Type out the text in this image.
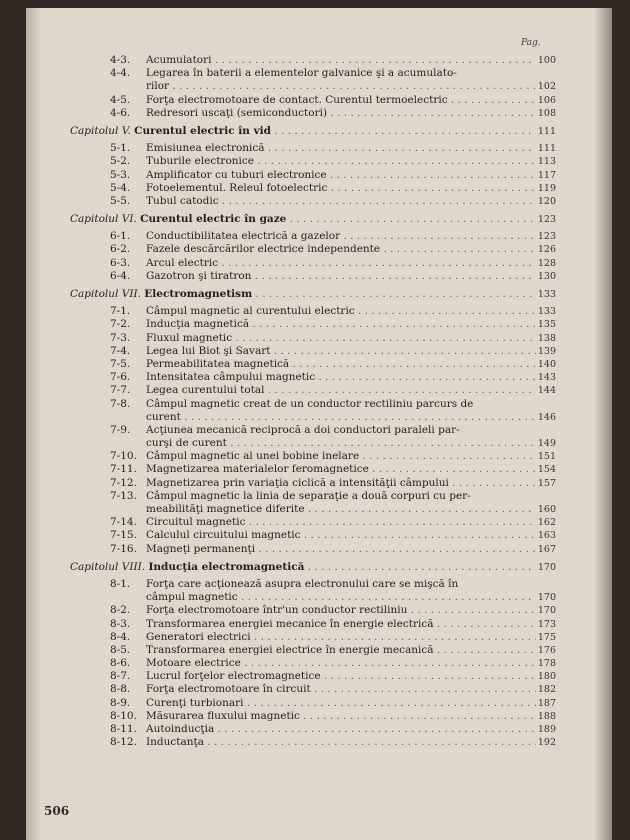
Pag.
4-3.	Acumulatori . . .	100
4-4.	Legarea în baterii a elementelor galvanice şi a acumulato-
rilor . . .	102
4-5.	Forţa electromotoare de contact. Curentul termoelectric . . .	106
4-6.	Redresori uscaţi (semiconductori) . . .	108
Capitolul V. Curentul electric în vid . . .	111
5-1.	Emisiunea electronică . . .	111
5-2.	Tuburile electronice . . .	113
5-3.	Amplificator cu tuburi electronice . . .	117
5-4.	Fotoelementul. Releul fotoelectric . . .	119
5-5.	Tubul catodic . . .	120
Capitolul VI. Curentul electric în gaze . . .	123
6-1.	Conductibilitatea electrică a gazelor . . .	123
6-2.	Fazele descărcărilor electrice independente . . .	126
6-3.	Arcul electric . . .	128
6-4.	Gazotron şi tiratron . . .	130
Capitolul VII. Electromagnetism . . .	133
7-1.	Câmpul magnetic al curentului electric . . .	133
7-2.	Inducţia magnetică . . .	135
7-3.	Fluxul magnetic . . .	138
7-4.	Legea lui Biot şi Savart . . .	139
7-5.	Permeabilitatea magnetică . . .	140
7-6.	Intensitatea câmpului magnetic . . .	143
7-7.	Legea curentului total . . .	144
7-8.	Câmpul magnetic creat de un conductor rectiliniu parcurs de
curent . . .	146
7-9.	Acţiunea mecanică reciprocă a doi conductori paraleli par-
curşi de curent . . .	149
7-10. Câmpul magnetic al unei bobine inelare . . .	151
7-11. Magnetizarea materialelor feromagnetice . . .	154
7-12. Magnetizarea prin variaţia ciclică a intensităţii câmpului . . .	157
7-13. Câmpul magnetic la linia de separaţie a două corpuri cu per-
meabilităţi magnetice diferite . . .	160
7-14. Circuitul magnetic . . .	162
7-15. Calculul circuitului magnetic . . .	163
7-16. Magneţi permanenţi . . .	167
Capitolul VIII. Inducţia electromagnetică . . .	170
8-1.	Forţa care acţionează asupra electronului care se mişcă în
câmpul magnetic . . .	170
8-2.	Forţa electromotoare într'un conductor rectiliniu . . .	170
8-3.	Transformarea energiei mecanice în energie electrică . . .	173
8-4.	Generatori electrici . . .	175
8-5.	Transformarea energiei electrice în energie mecanică . . .	176
8-6.	Motoare electrice . . .	178
8-7.	Lucrul forţelor electromagnetice . . .	180
8-8.	Forţa electromotoare în circuit . . .	182
8-9.	Curenţi turbionari . . .	187
8-10. Măsurarea fluxului magnetic . . .	188
8-11. Autoinducţia . . .	189
8-12. Inductanţa . . .	192
506
